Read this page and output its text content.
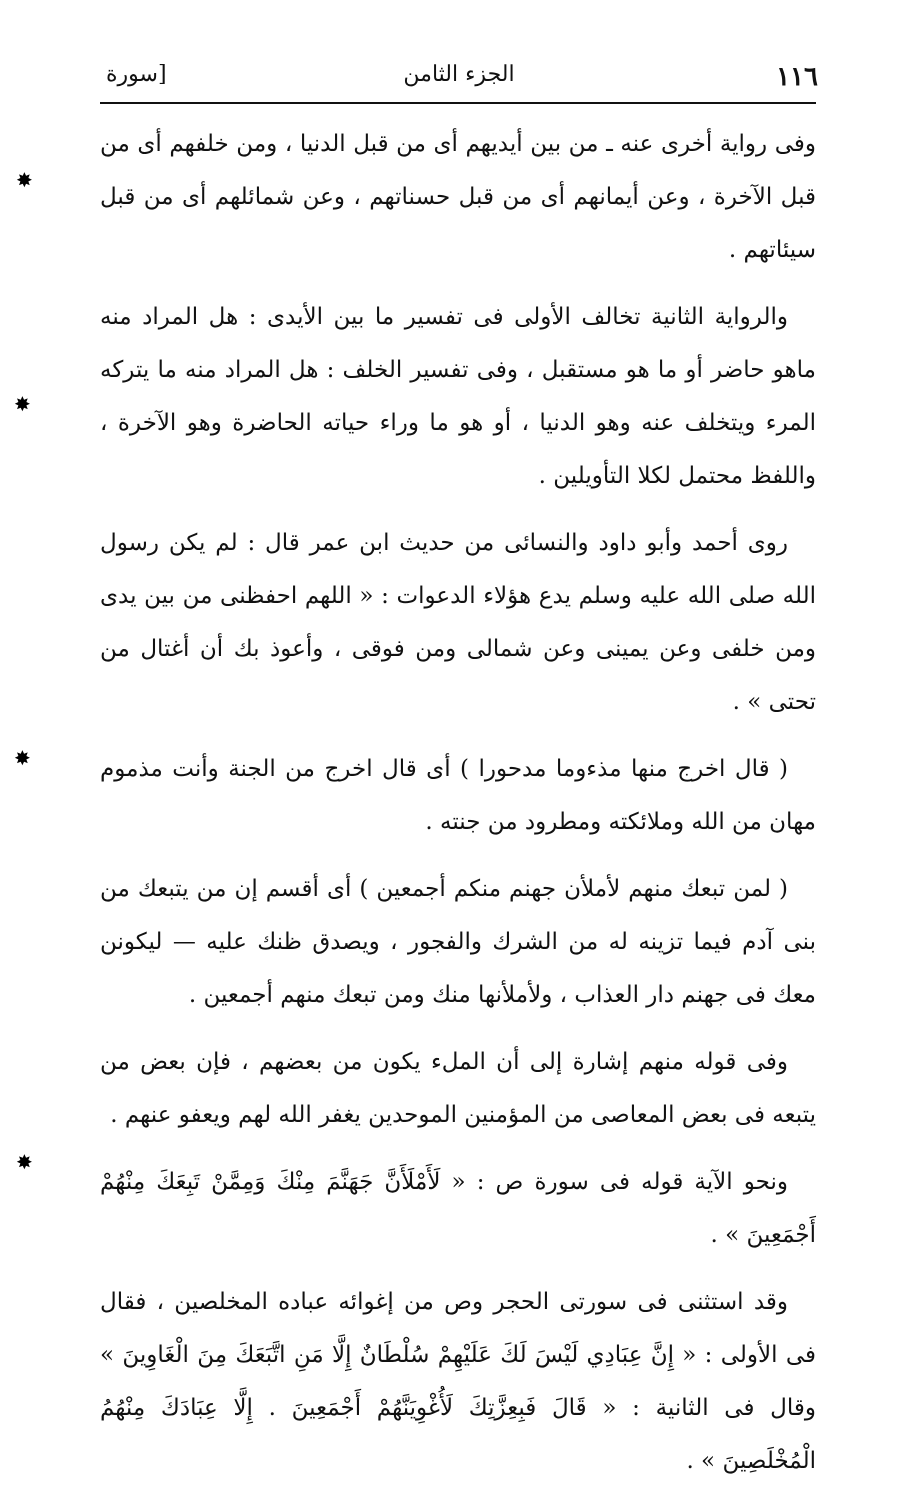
١١٦
الجزء الثامن
[سورة

وفى رواية أخرى عنه ـ من بين أيديهم أى من قبل الدنيا ، ومن خلفهم أى من قبل الآخرة ، وعن أيمانهم أى من قبل حسناتهم ، وعن شمائلهم أى من قبل سيئاتهم .

والرواية الثانية تخالف الأولى فى تفسير ما بين الأيدى : هل المراد منه ماهو حاضر أو ما هو مستقبل ، وفى تفسير الخلف : هل المراد منه ما يتركه المرء ويتخلف عنه وهو الدنيا ، أو هو ما وراء حياته الحاضرة وهو الآخرة ، واللفظ محتمل لكلا التأويلين .

روى أحمد وأبو داود والنسائى من حديث ابن عمر قال : لم يكن رسول الله صلى الله عليه وسلم يدع هؤلاء الدعوات : « اللهم احفظنى من بين يدى ومن خلفى وعن يمينى وعن شمالى ومن فوقى ، وأعوذ بك أن أغتال من تحتى » .

( قال اخرج منها مذءوما مدحورا ) أى قال اخرج من الجنة وأنت مذموم مهان من الله وملائكته ومطرود من جنته .

( لمن تبعك منهم لأملأن جهنم منكم أجمعين ) أى أقسم إن من يتبعك من بنى آدم فيما تزينه له من الشرك والفجور ، ويصدق ظنك عليه — ليكونن معك فى جهنم دار العذاب ، ولأملأنها منك ومن تبعك منهم أجمعين .

وفى قوله منهم إشارة إلى أن الملء يكون من بعضهم ، فإن بعض من يتبعه فى بعض المعاصى من المؤمنين الموحدين يغفر الله لهم ويعفو عنهم .

ونحو الآية قوله فى سورة ص : « لَأَمْلَأَنَّ جَهَنَّمَ مِنْكَ وَمِمَّنْ تَبِعَكَ مِنْهُمْ أَجْمَعِينَ » .

وقد استثنى فى سورتى الحجر وص من إغوائه عباده المخلصين ، فقال فى الأولى : « إِنَّ عِبَادِي لَيْسَ لَكَ عَلَيْهِمْ سُلْطَانٌ إِلَّا مَنِ اتَّبَعَكَ مِنَ الْغَاوِينَ » وقال فى الثانية : « قَالَ فَبِعِزَّتِكَ لَأُغْوِيَنَّهُمْ أَجْمَعِينَ . إِلَّا عِبَادَكَ مِنْهُمُ الْمُخْلَصِينَ » .

✸
✸
✸
✸
